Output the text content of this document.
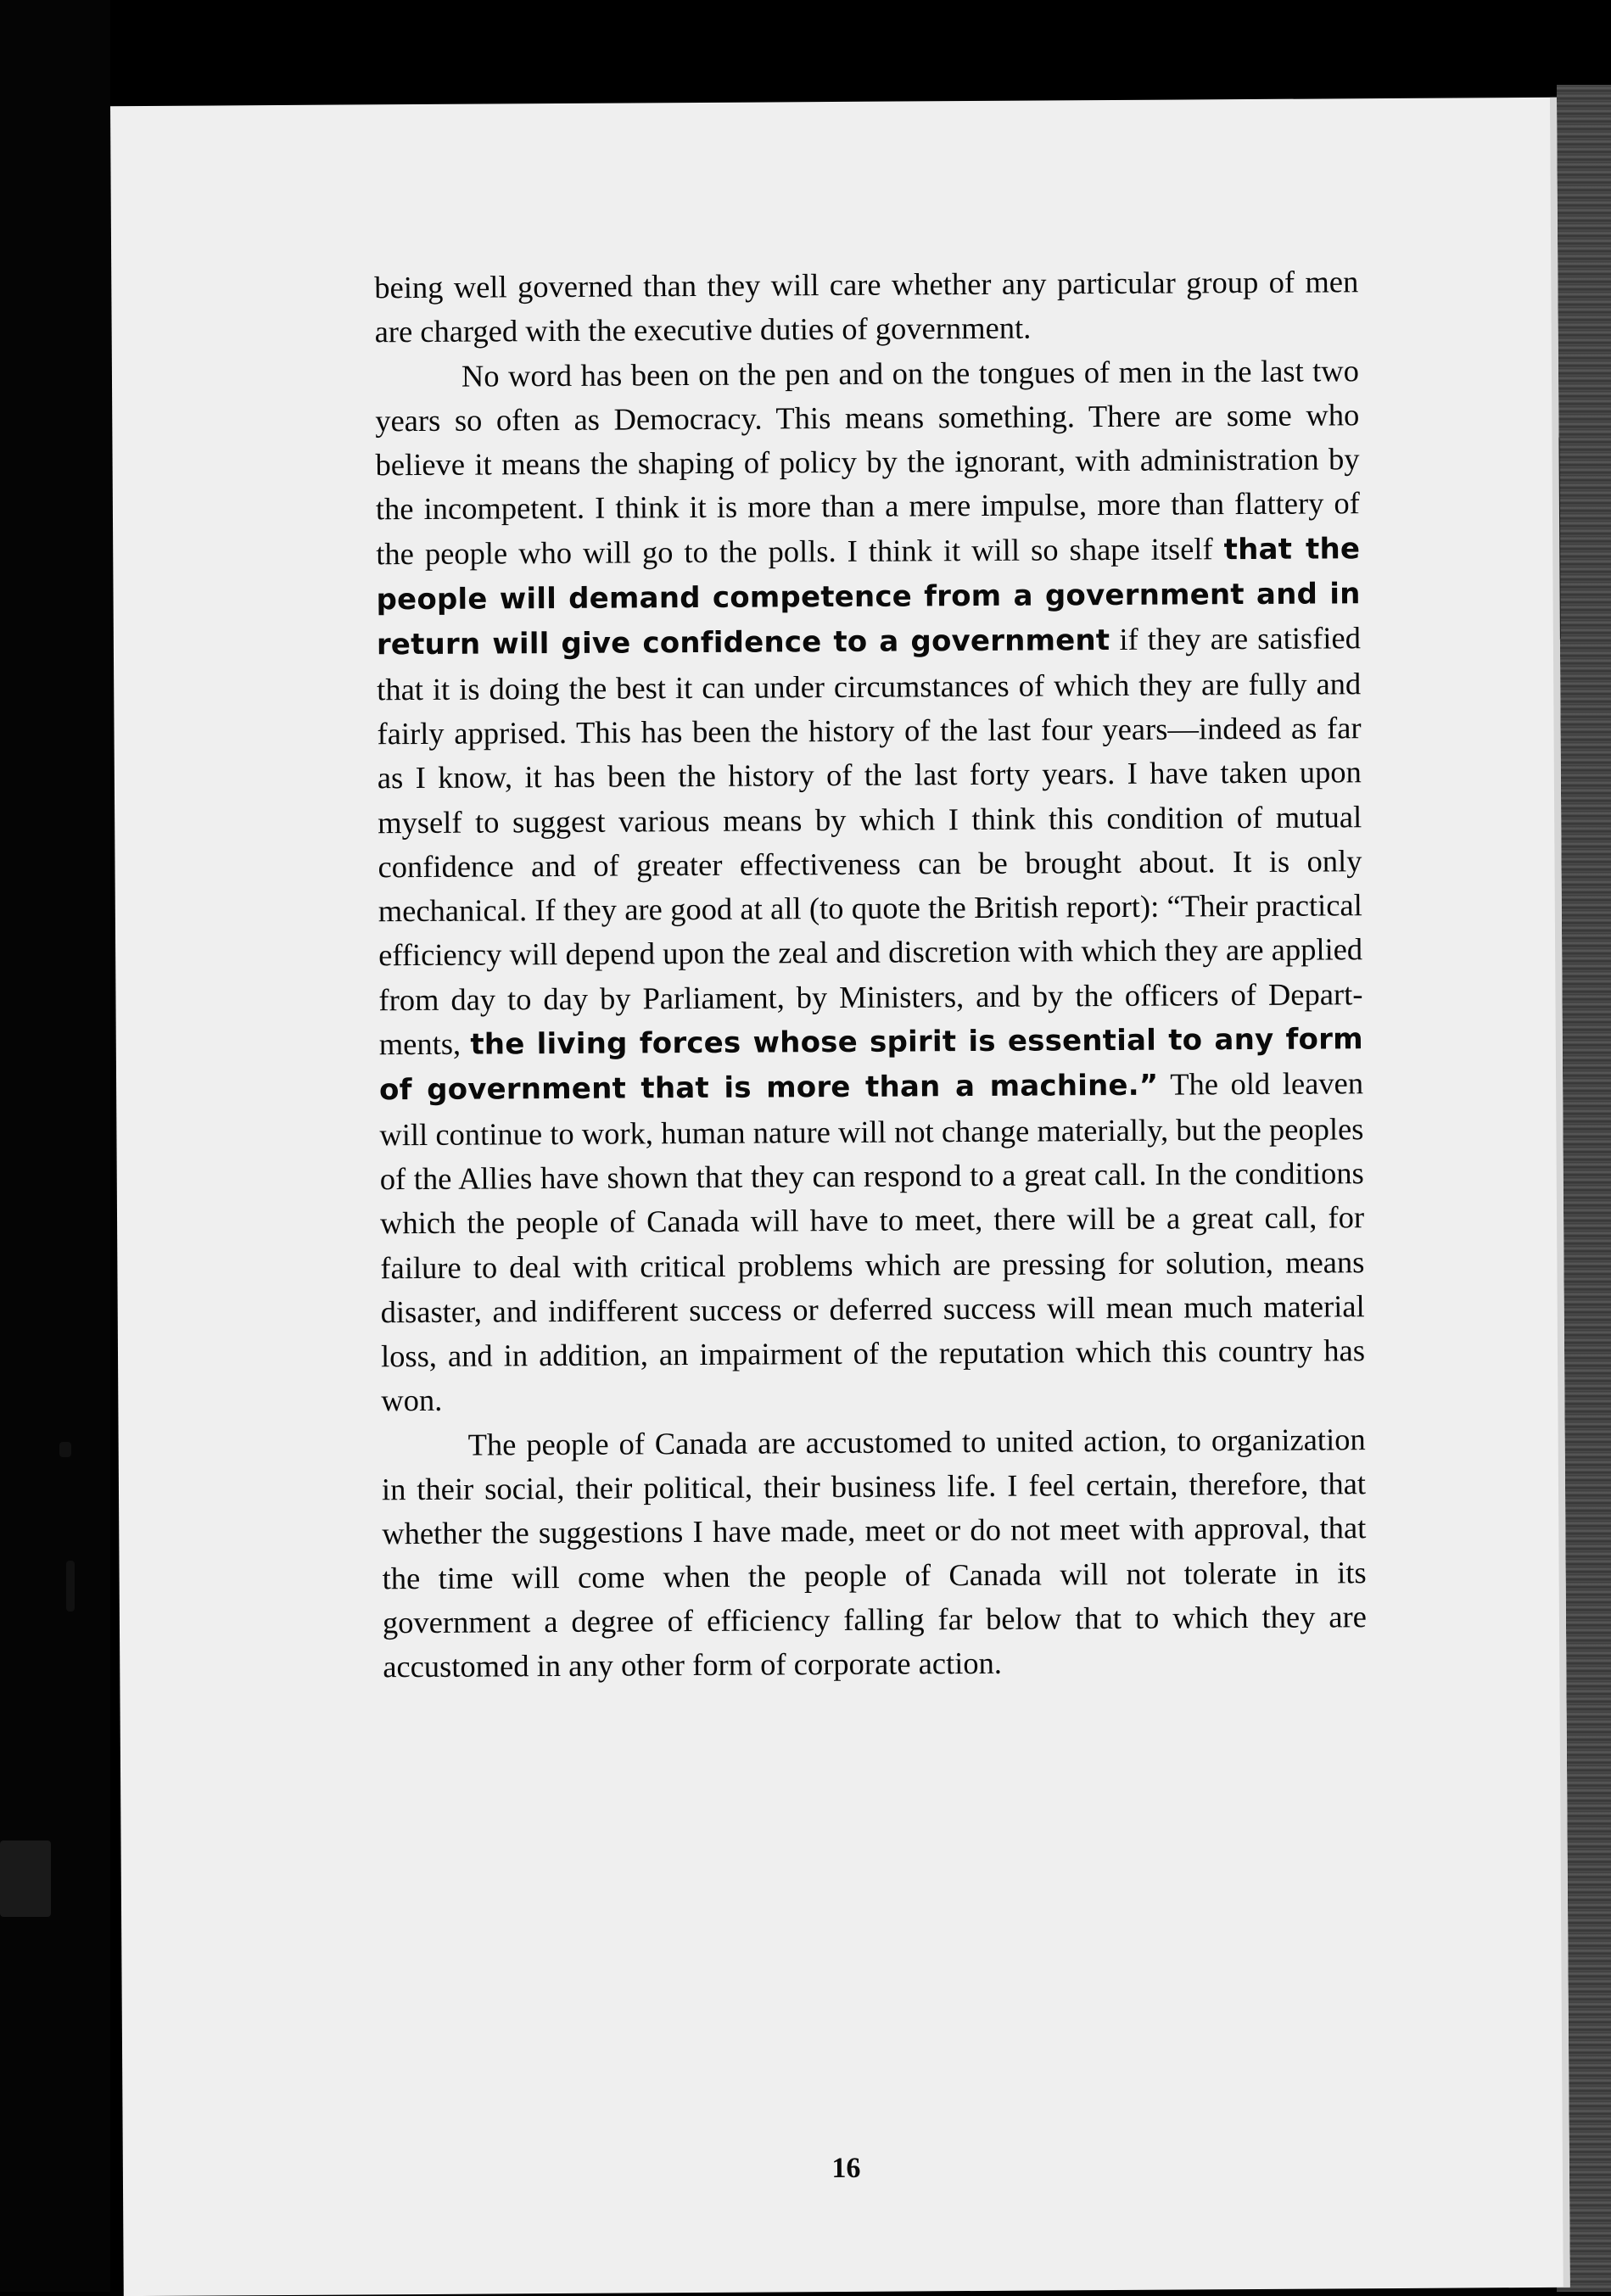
being well governed than they will care whether any particular group of men are charged with the executive duties of government.

No word has been on the pen and on the tongues of men in the last two years so often as Democracy. This means something. There are some who believe it means the shaping of policy by the ignorant, with administration by the incompetent. I think it is more than a mere impulse, more than flattery of the people who will go to the polls. I think it will so shape itself that the people will demand competence from a government and in return will give confidence to a government if they are satisfied that it is doing the best it can under circumstances of which they are fully and fairly apprised. This has been the history of the last four years—indeed as far as I know, it has been the history of the last forty years. I have taken upon myself to suggest various means by which I think this condition of mutual confidence and of greater effectiveness can be brought about. It is only mechanical. If they are good at all (to quote the British report): “Their practical efficiency will depend upon the zeal and discretion with which they are applied from day to day by Parliament, by Ministers, and by the officers of Departments, the living forces whose spirit is essential to any form of government that is more than a machine.” The old leaven will continue to work, human nature will not change materially, but the peoples of the Allies have shown that they can respond to a great call. In the conditions which the people of Canada will have to meet, there will be a great call, for failure to deal with critical problems which are pressing for solution, means disaster, and indifferent success or deferred success will mean much material loss, and in addition, an impairment of the reputation which this country has won.

The people of Canada are accustomed to united action, to organization in their social, their political, their business life. I feel certain, therefore, that whether the suggestions I have made, meet or do not meet with approval, that the time will come when the people of Canada will not tolerate in its government a degree of efficiency falling far below that to which they are accustomed in any other form of corporate action.

16
